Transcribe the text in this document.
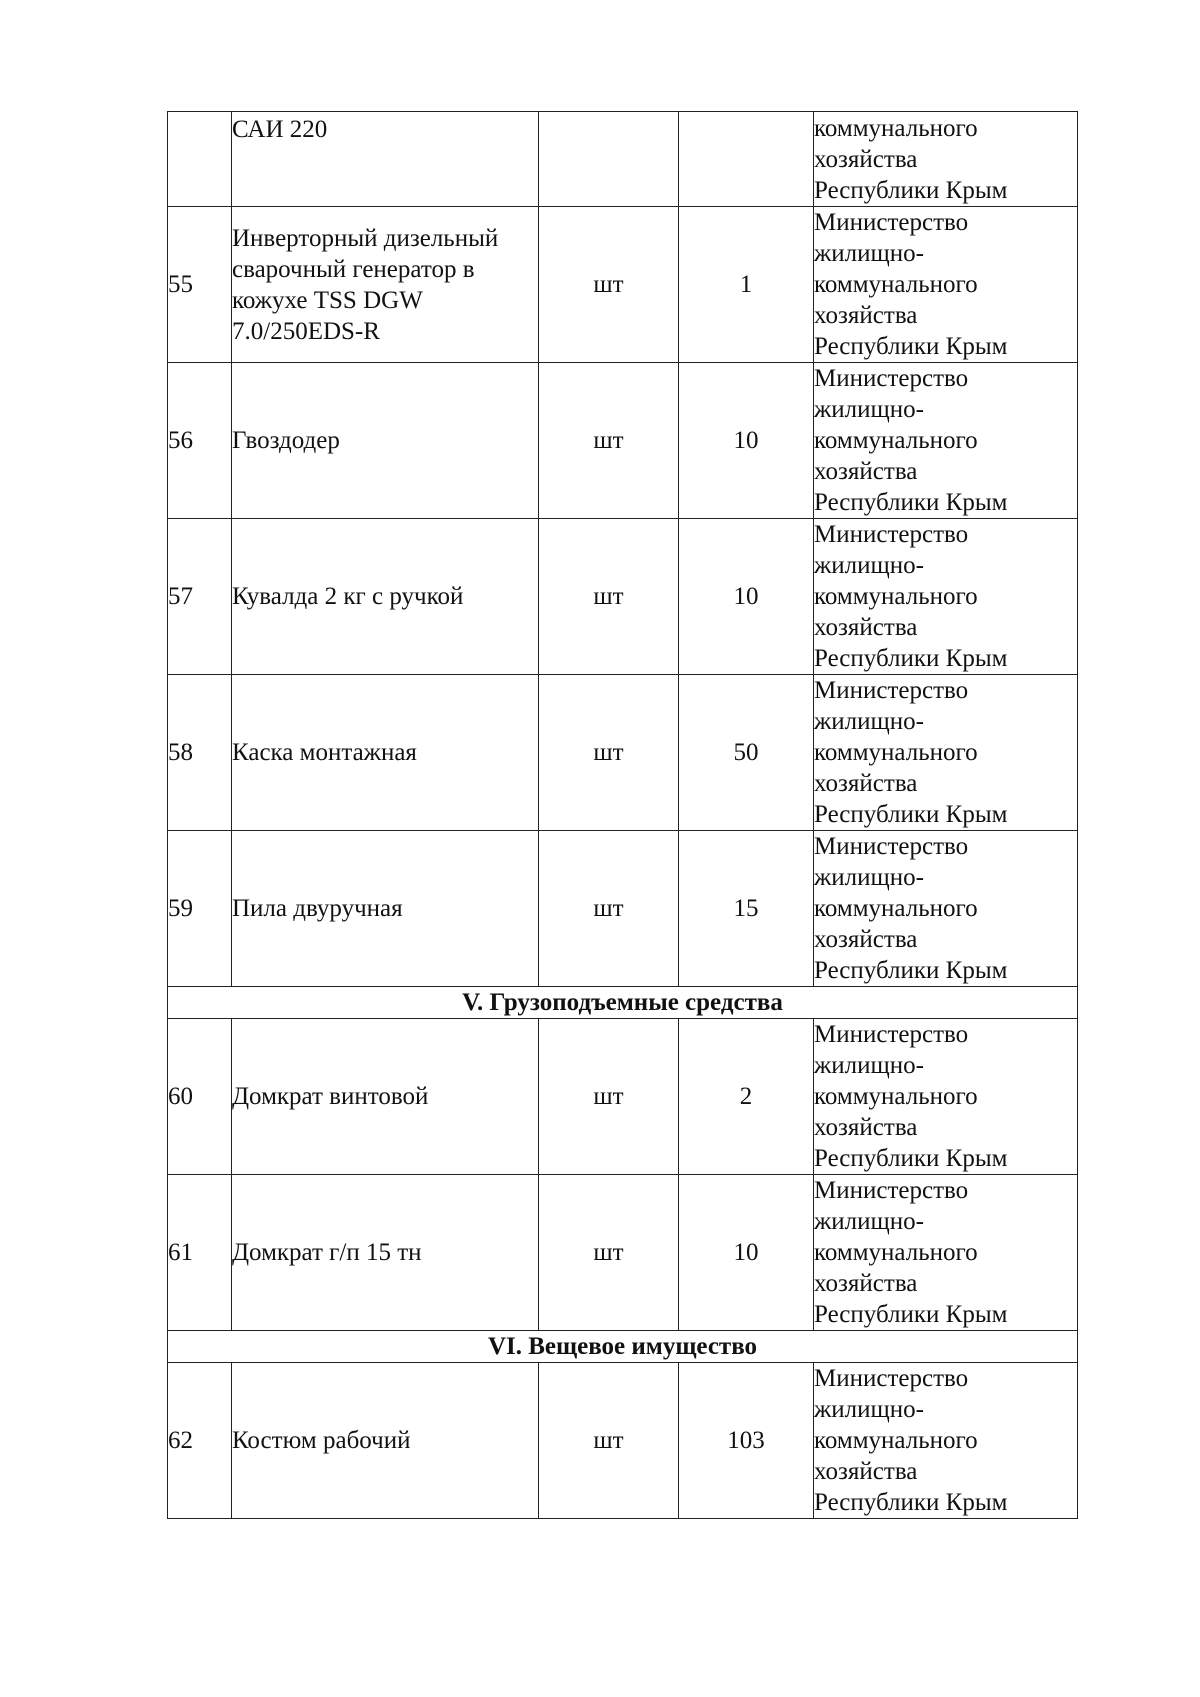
	САИ 220			коммунального
хозяйства
Республики Крым

55	Инверторный дизельный сварочный генератор в кожухе TSS DGW 7.0/250EDS-R	шт	1	Министерство
жилищно-
коммунального
хозяйства
Республики Крым

56	Гвоздодер	шт	10	Министерство
жилищно-
коммунального
хозяйства
Республики Крым

57	Кувалда 2 кг с ручкой	шт	10	Министерство
жилищно-
коммунального
хозяйства
Республики Крым

58	Каска монтажная	шт	50	Министерство
жилищно-
коммунального
хозяйства
Республики Крым

59	Пила двуручная	шт	15	Министерство
жилищно-
коммунального
хозяйства
Республики Крым

V. Грузоподъемные средства				
60	Домкрат винтовой	шт	2	Министерство
жилищно-
коммунального
хозяйства
Республики Крым

61	Домкрат г/п 15 тн	шт	10	Министерство
жилищно-
коммунального
хозяйства
Республики Крым

VI. Вещевое имущество				
62	Костюм рабочий	шт	103	Министерство
жилищно-
коммунального
хозяйства
Республики Крым
